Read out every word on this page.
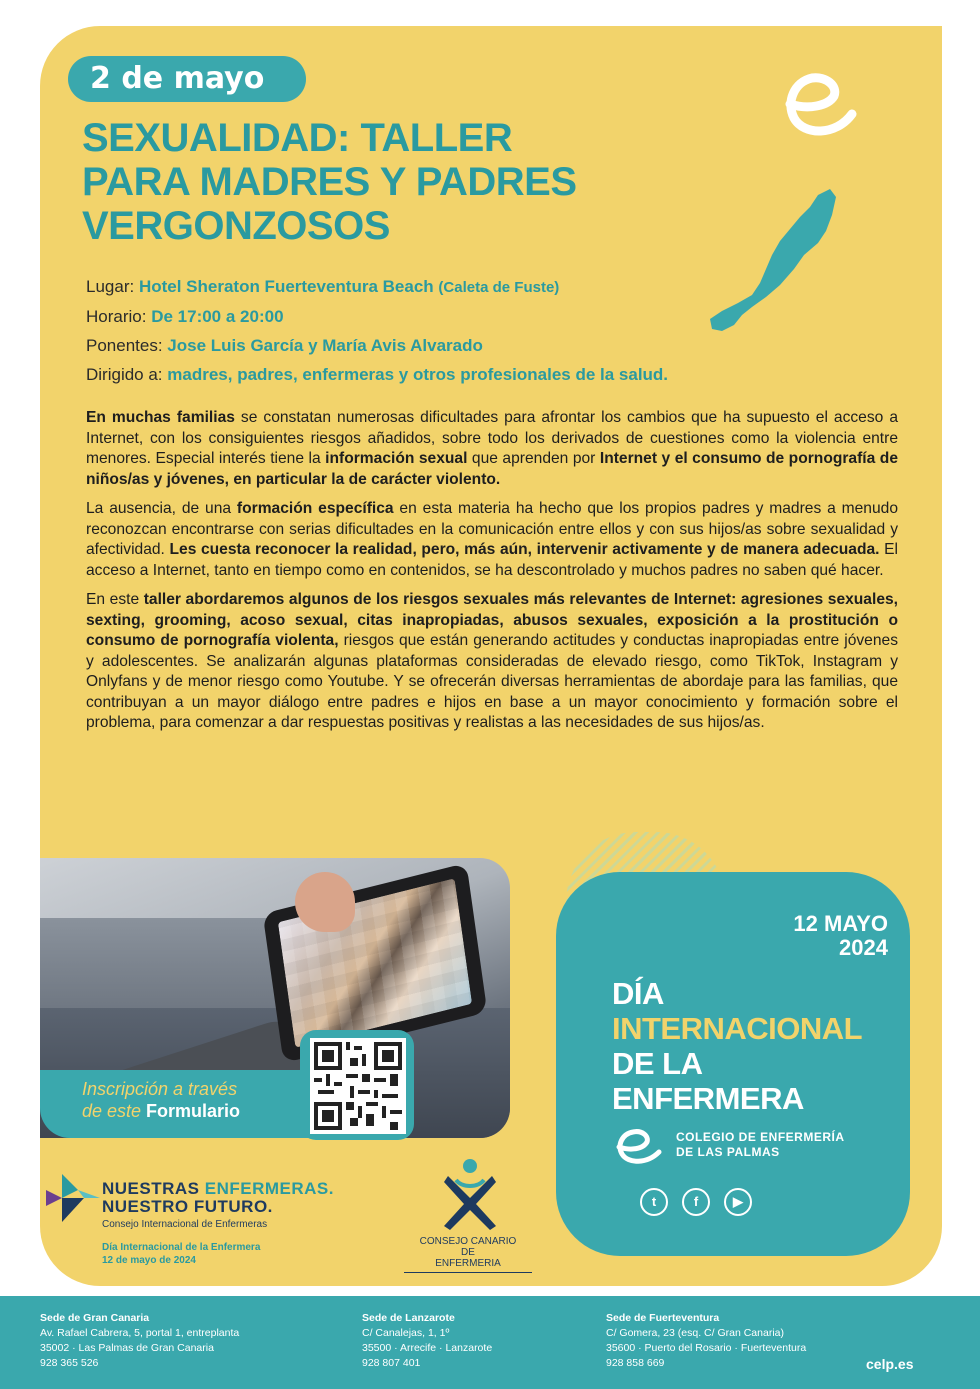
2 de mayo
SEXUALIDAD: TALLER
PARA MADRES Y PADRES
VERGONZOSOS
Lugar: Hotel Sheraton Fuerteventura Beach (Caleta de Fuste)
Horario: De 17:00 a 20:00
Ponentes: Jose Luis García y María Avis Alvarado
Dirigido a: madres, padres, enfermeras y otros profesionales de la salud.

En muchas familias se constatan numerosas dificultades para afrontar los cambios que ha supuesto el acceso a Internet, con los consiguientes riesgos añadidos, sobre todo los derivados de cuestiones como la violencia entre menores. Especial interés tiene la información sexual que aprenden por Internet y el consumo de pornografía de niños/as y jóvenes, en particular la de carácter violento.

La ausencia, de una formación específica en esta materia ha hecho que los propios padres y madres a menudo reconozcan encontrarse con serias dificultades en la comunicación entre ellos y con sus hijos/as sobre sexualidad y afectividad. Les cuesta reconocer la realidad, pero, más aún, intervenir activamente y de manera adecuada. El acceso a Internet, tanto en tiempo como en contenidos, se ha descontrolado y muchos padres no saben qué hacer.

En este taller abordaremos algunos de los riesgos sexuales más relevantes de Internet: agresiones sexuales, sexting, grooming, acoso sexual, citas inapropiadas, abusos sexuales, exposición a la prostitución o consumo de pornografía violenta, riesgos que están generando actitudes y conductas inapropiadas entre jóvenes y adolescentes. Se analizarán algunas plataformas consideradas de elevado riesgo, como TikTok, Instagram y Onlyfans y de menor riesgo como Youtube. Y se ofrecerán diversas herramientas de abordaje para las familias, que contribuyan a un mayor diálogo entre padres e hijos en base a un mayor conocimiento y formación sobre el problema, para comenzar a dar respuestas positivas y realistas a las necesidades de sus hijos/as.

Inscripción a través
de este Formulario
12 MAYO
2024
DÍA
INTERNACIONAL
DE LA
ENFERMERA
COLEGIO DE ENFERMERÍA
DE LAS PALMAS
t	f	▶
NUESTRAS ENFERMERAS.
NUESTRO FUTURO.
Consejo Internacional de Enfermeras
Día Internacional de la Enfermera
12 de mayo de 2024
CONSEJO CANARIO
DE
ENFERMERIA
Sede de Gran Canaria
Av. Rafael Cabrera, 5, portal 1, entreplanta
35002 · Las Palmas de Gran Canaria
928 365 526
Sede de Lanzarote
C/ Canalejas, 1, 1º
35500 · Arrecife · Lanzarote
928 807 401
Sede de Fuerteventura
C/ Gomera, 23 (esq. C/ Gran Canaria)
35600 · Puerto del Rosario · Fuerteventura
928 858 669	celp.es
